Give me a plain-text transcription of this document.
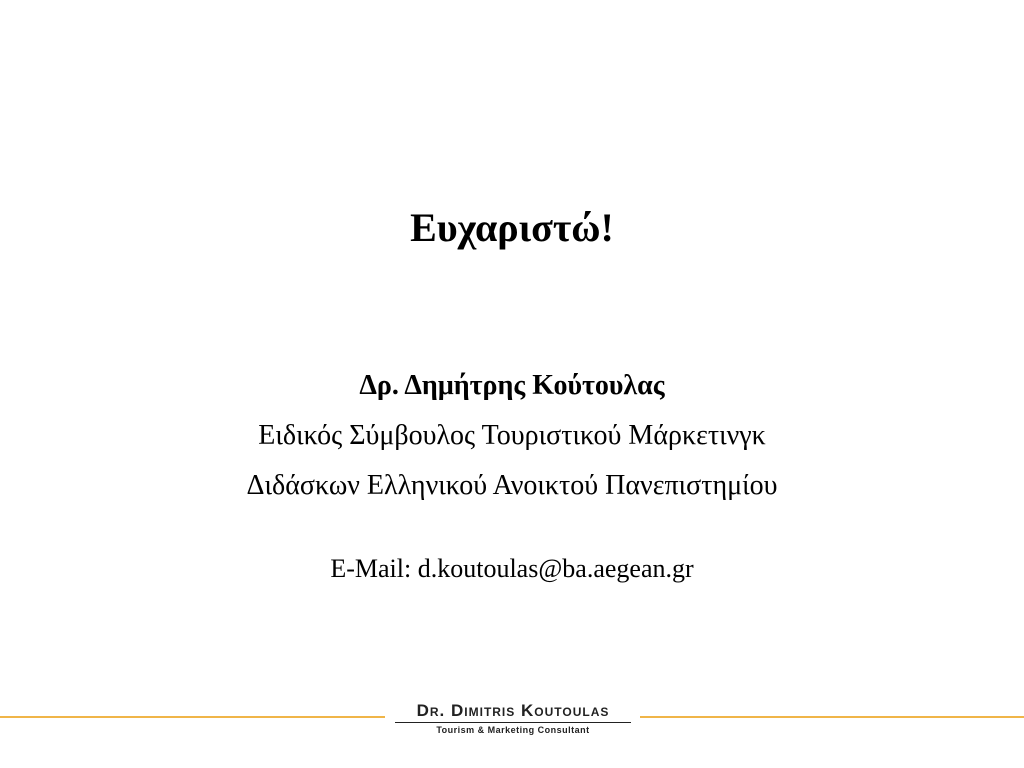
Ευχαριστώ!
Δρ. Δημήτρης Κούτουλας
Ειδικός Σύμβουλος Τουριστικού Μάρκετινγκ
Διδάσκων Ελληνικού Ανοικτού Πανεπιστημίου
E-Mail: d.koutoulas@ba.aegean.gr
Dr. Dimitris Koutoulas
Tourism & Marketing Consultant
